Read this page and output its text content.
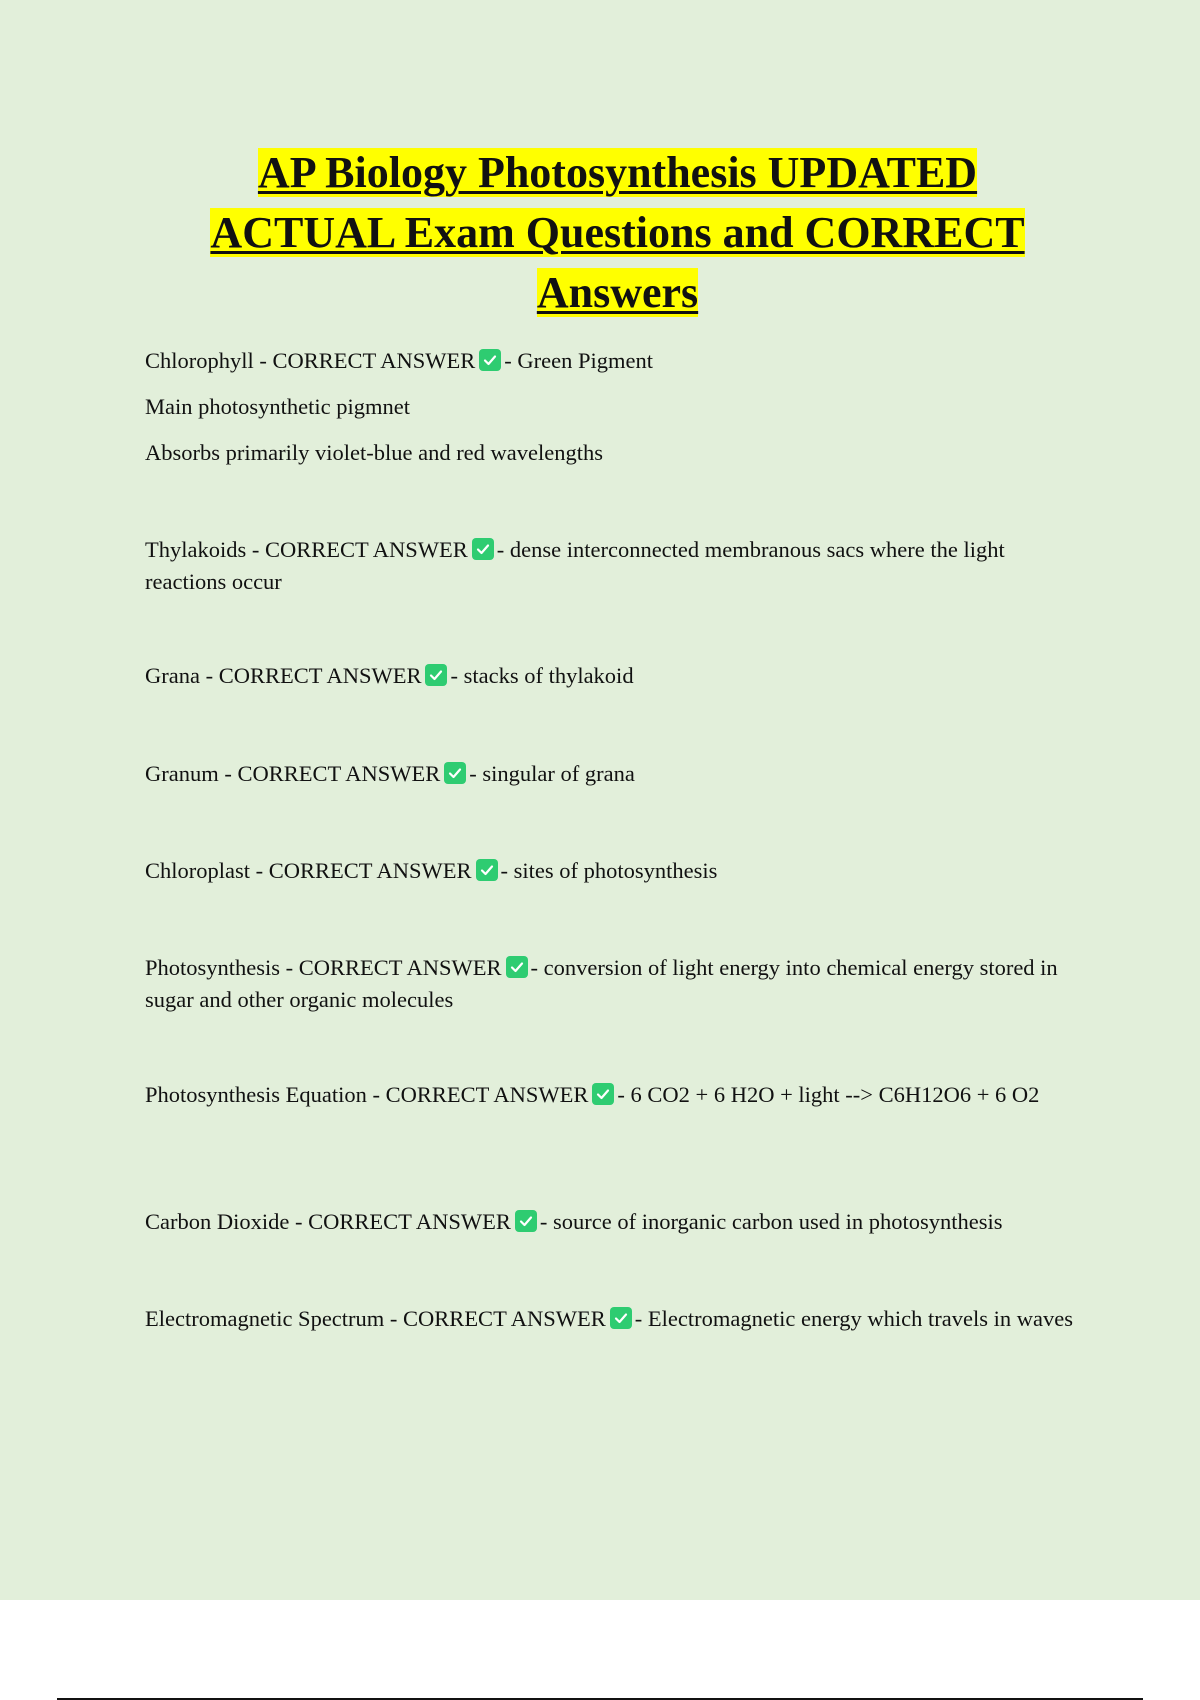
AP Biology Photosynthesis UPDATED
ACTUAL Exam Questions and CORRECT
Answers

Chlorophyll - CORRECT ANSWER - Green Pigment

Main photosynthetic pigmnet

Absorbs primarily violet-blue and red wavelengths

Thylakoids - CORRECT ANSWER - dense interconnected membranous sacs where the light reactions occur

Grana - CORRECT ANSWER - stacks of thylakoid

Granum - CORRECT ANSWER - singular of grana

Chloroplast - CORRECT ANSWER - sites of photosynthesis

Photosynthesis - CORRECT ANSWER - conversion of light energy into chemical energy stored in sugar and other organic molecules

Photosynthesis Equation - CORRECT ANSWER - 6 CO2 + 6 H2O + light --> C6H12O6 + 6 O2

Carbon Dioxide - CORRECT ANSWER - source of inorganic carbon used in photosynthesis

Electromagnetic Spectrum - CORRECT ANSWER - Electromagnetic energy which travels in waves
